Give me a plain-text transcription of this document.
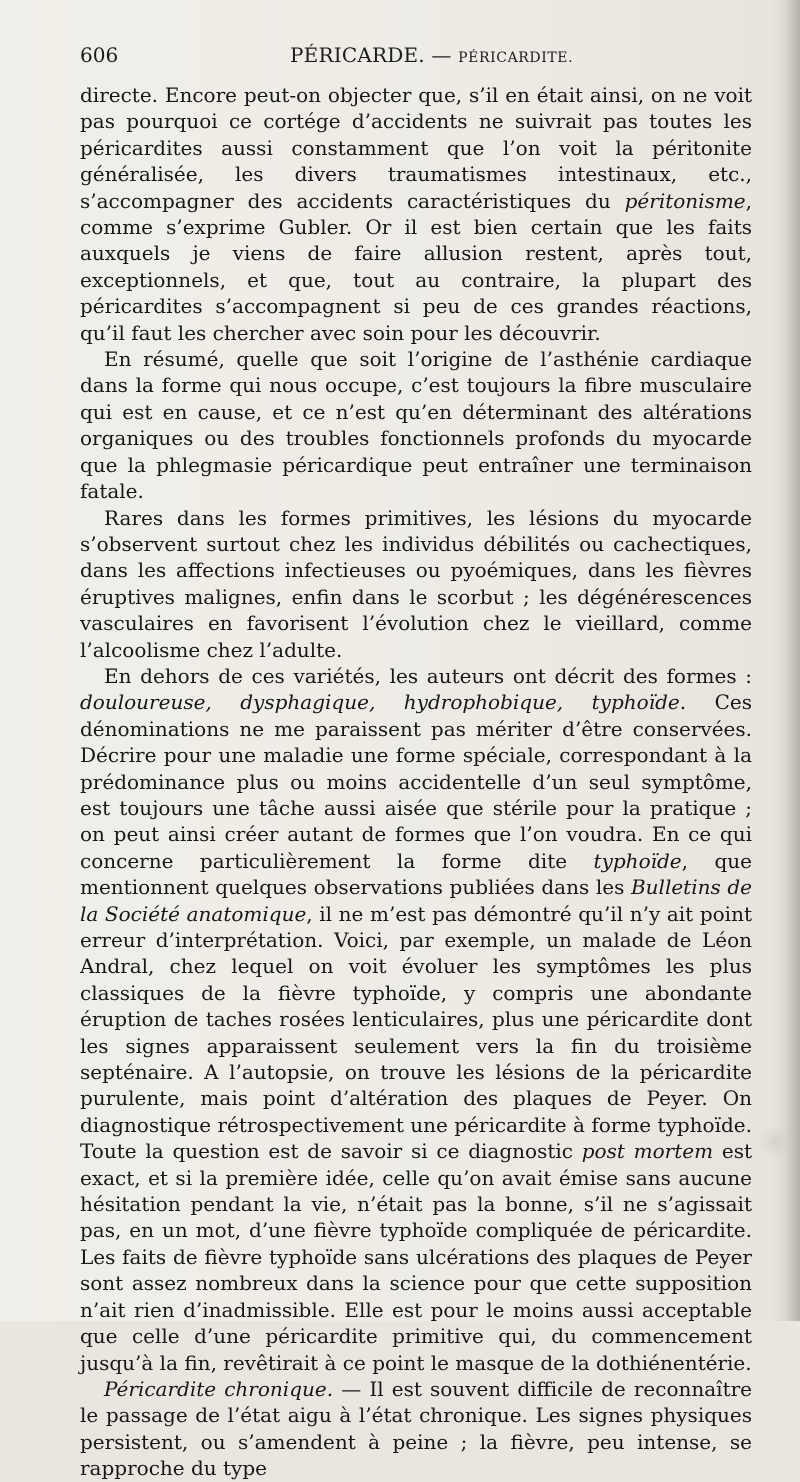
606	PÉRICARDE. — PÉRICARDITE.

directe. Encore peut-on objecter que, s’il en était ainsi, on ne voit pas pourquoi ce cortége d’accidents ne suivrait pas toutes les péricardites aussi constamment que l’on voit la péritonite généralisée, les divers traumatismes intestinaux, etc., s’accompagner des accidents caractéristiques du péritonisme, comme s’exprime Gubler. Or il est bien certain que les faits auxquels je viens de faire allusion restent, après tout, exceptionnels, et que, tout au contraire, la plupart des péricardites s’accompagnent si peu de ces grandes réactions, qu’il faut les chercher avec soin pour les découvrir.

En résumé, quelle que soit l’origine de l’asthénie cardiaque dans la forme qui nous occupe, c’est toujours la fibre musculaire qui est en cause, et ce n’est qu’en déterminant des altérations organiques ou des troubles fonctionnels profonds du myocarde que la phlegmasie péricardique peut entraîner une terminaison fatale.

Rares dans les formes primitives, les lésions du myocarde s’observent surtout chez les individus débilités ou cachectiques, dans les affections infectieuses ou pyoémiques, dans les fièvres éruptives malignes, enfin dans le scorbut ; les dégénérescences vasculaires en favorisent l’évolution chez le vieillard, comme l’alcoolisme chez l’adulte.

En dehors de ces variétés, les auteurs ont décrit des formes : douloureuse, dysphagique, hydrophobique, typhoïde. Ces dénominations ne me paraissent pas mériter d’être conservées. Décrire pour une maladie une forme spéciale, correspondant à la prédominance plus ou moins accidentelle d’un seul symptôme, est toujours une tâche aussi aisée que stérile pour la pratique ; on peut ainsi créer autant de formes que l’on voudra. En ce qui concerne particulièrement la forme dite typhoïde, que mentionnent quelques observations publiées dans les Bulletins de la Société anatomique, il ne m’est pas démontré qu’il n’y ait point erreur d’interprétation. Voici, par exemple, un malade de Léon Andral, chez lequel on voit évoluer les symptômes les plus classiques de la fièvre typhoïde, y compris une abondante éruption de taches rosées lenticulaires, plus une péricardite dont les signes apparaissent seulement vers la fin du troisième septénaire. A l’autopsie, on trouve les lésions de la péricardite purulente, mais point d’altération des plaques de Peyer. On diagnostique rétrospectivement une péricardite à forme typhoïde. Toute la question est de savoir si ce diagnostic post mortem est exact, et si la première idée, celle qu’on avait émise sans aucune hésitation pendant la vie, n’était pas la bonne, s’il ne s’agissait pas, en un mot, d’une fièvre typhoïde compliquée de péricardite. Les faits de fièvre typhoïde sans ulcérations des plaques de Peyer sont assez nombreux dans la science pour que cette supposition n’ait rien d’inadmissible. Elle est pour le moins aussi acceptable que celle d’une péricardite primitive qui, du commencement jusqu’à la fin, revêtirait à ce point le masque de la dothiénentérie.

Péricardite chronique. — Il est souvent difficile de reconnaître le passage de l’état aigu à l’état chronique. Les signes physiques persistent, ou s’amendent à peine ; la fièvre, peu intense, se rapproche du type
